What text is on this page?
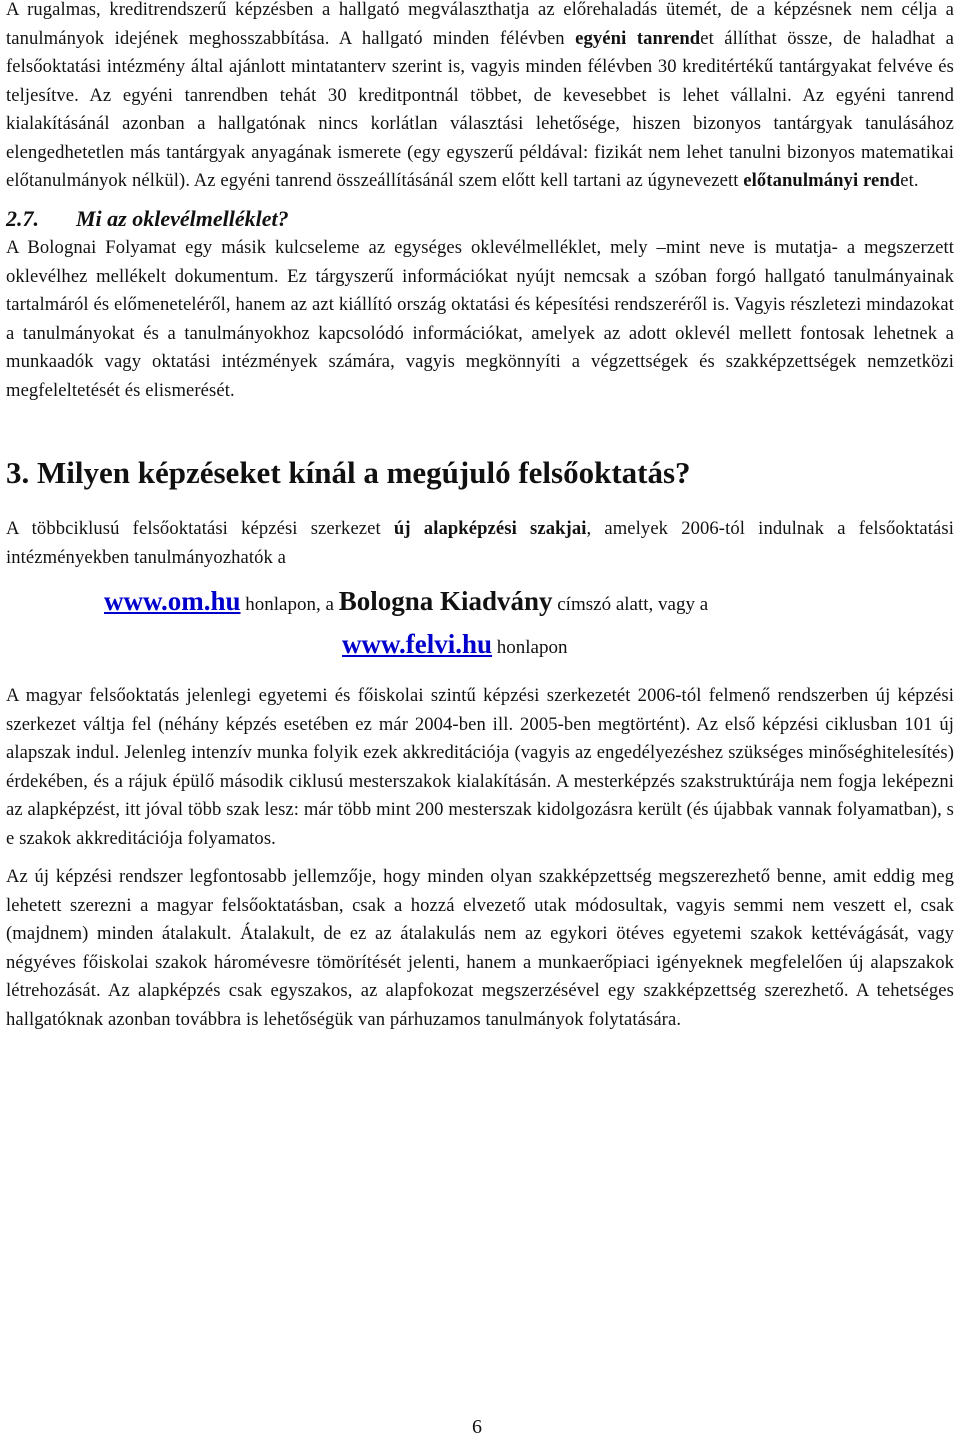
A rugalmas, kreditrendszerű képzésben a hallgató megválaszthatja az előrehaladás ütemét, de a képzésnek nem célja a tanulmányok idejének meghosszabbítása. A hallgató minden félévben egyéni tanrendet állíthat össze, de haladhat a felsőoktatási intézmény által ajánlott mintatanterv szerint is, vagyis minden félévben 30 kreditértékű tantárgyakat felvéve és teljesítve. Az egyéni tanrendben tehát 30 kreditpontnál többet, de kevesebbet is lehet vállalni. Az egyéni tanrend kialakításánál azonban a hallgatónak nincs korlátlan választási lehetősége, hiszen bizonyos tantárgyak tanulásához elengedhetetlen más tantárgyak anyagának ismerete (egy egyszerű példával: fizikát nem lehet tanulni bizonyos matematikai előtanulmányok nélkül). Az egyéni tanrend összeállításánál szem előtt kell tartani az úgynevezett előtanulmányi rendet.

2.7. Mi az oklevélmelléklet?

A Bolognai Folyamat egy másik kulcseleme az egységes oklevélmelléklet, mely –mint neve is mutatja- a megszerzett oklevélhez mellékelt dokumentum. Ez tárgyszerű információkat nyújt nemcsak a szóban forgó hallgató tanulmányainak tartalmáról és előmeneteléről, hanem az azt kiállító ország oktatási és képesítési rendszeréről is. Vagyis részletezi mindazokat a tanulmányokat és a tanulmányokhoz kapcsolódó információkat, amelyek az adott oklevél mellett fontosak lehetnek a munkaadók vagy oktatási intézmények számára, vagyis megkönnyíti a végzettségek és szakképzettségek nemzetközi megfeleltetését és elismerését.

3. Milyen képzéseket kínál a megújuló felsőoktatás?

A többciklusú felsőoktatási képzési szerkezet új alapképzési szakjai, amelyek 2006-tól indulnak a felsőoktatási intézményekben tanulmányozhatók a

www.om.hu honlapon, a Bologna Kiadvány címszó alatt, vagy a
www.felvi.hu honlapon

A magyar felsőoktatás jelenlegi egyetemi és főiskolai szintű képzési szerkezetét 2006-tól felmenő rendszerben új képzési szerkezet váltja fel (néhány képzés esetében ez már 2004-ben ill. 2005-ben megtörtént). Az első képzési ciklusban 101 új alapszak indul. Jelenleg intenzív munka folyik ezek akkreditációja (vagyis az engedélyezéshez szükséges minőséghitelesítés) érdekében, és a rájuk épülő második ciklusú mesterszakok kialakításán. A mesterképzés szakstruktúrája nem fogja leképezni az alapképzést, itt jóval több szak lesz: már több mint 200 mesterszak kidolgozásra került (és újabbak vannak folyamatban), s e szakok akkreditációja folyamatos.

Az új képzési rendszer legfontosabb jellemzője, hogy minden olyan szakképzettség megszerezhető benne, amit eddig meg lehetett szerezni a magyar felsőoktatásban, csak a hozzá elvezető utak módosultak, vagyis semmi nem veszett el, csak (majdnem) minden átalakult. Átalakult, de ez az átalakulás nem az egykori ötéves egyetemi szakok kettévágását, vagy négyéves főiskolai szakok háromévesre tömörítését jelenti, hanem a munkaerőpiaci igényeknek megfelelően új alapszakok létrehozását. Az alapképzés csak egyszakos, az alapfokozat megszerzésével egy szakképzettség szerezhető. A tehetséges hallgatóknak azonban továbbra is lehetőségük van párhuzamos tanulmányok folytatására.

6
